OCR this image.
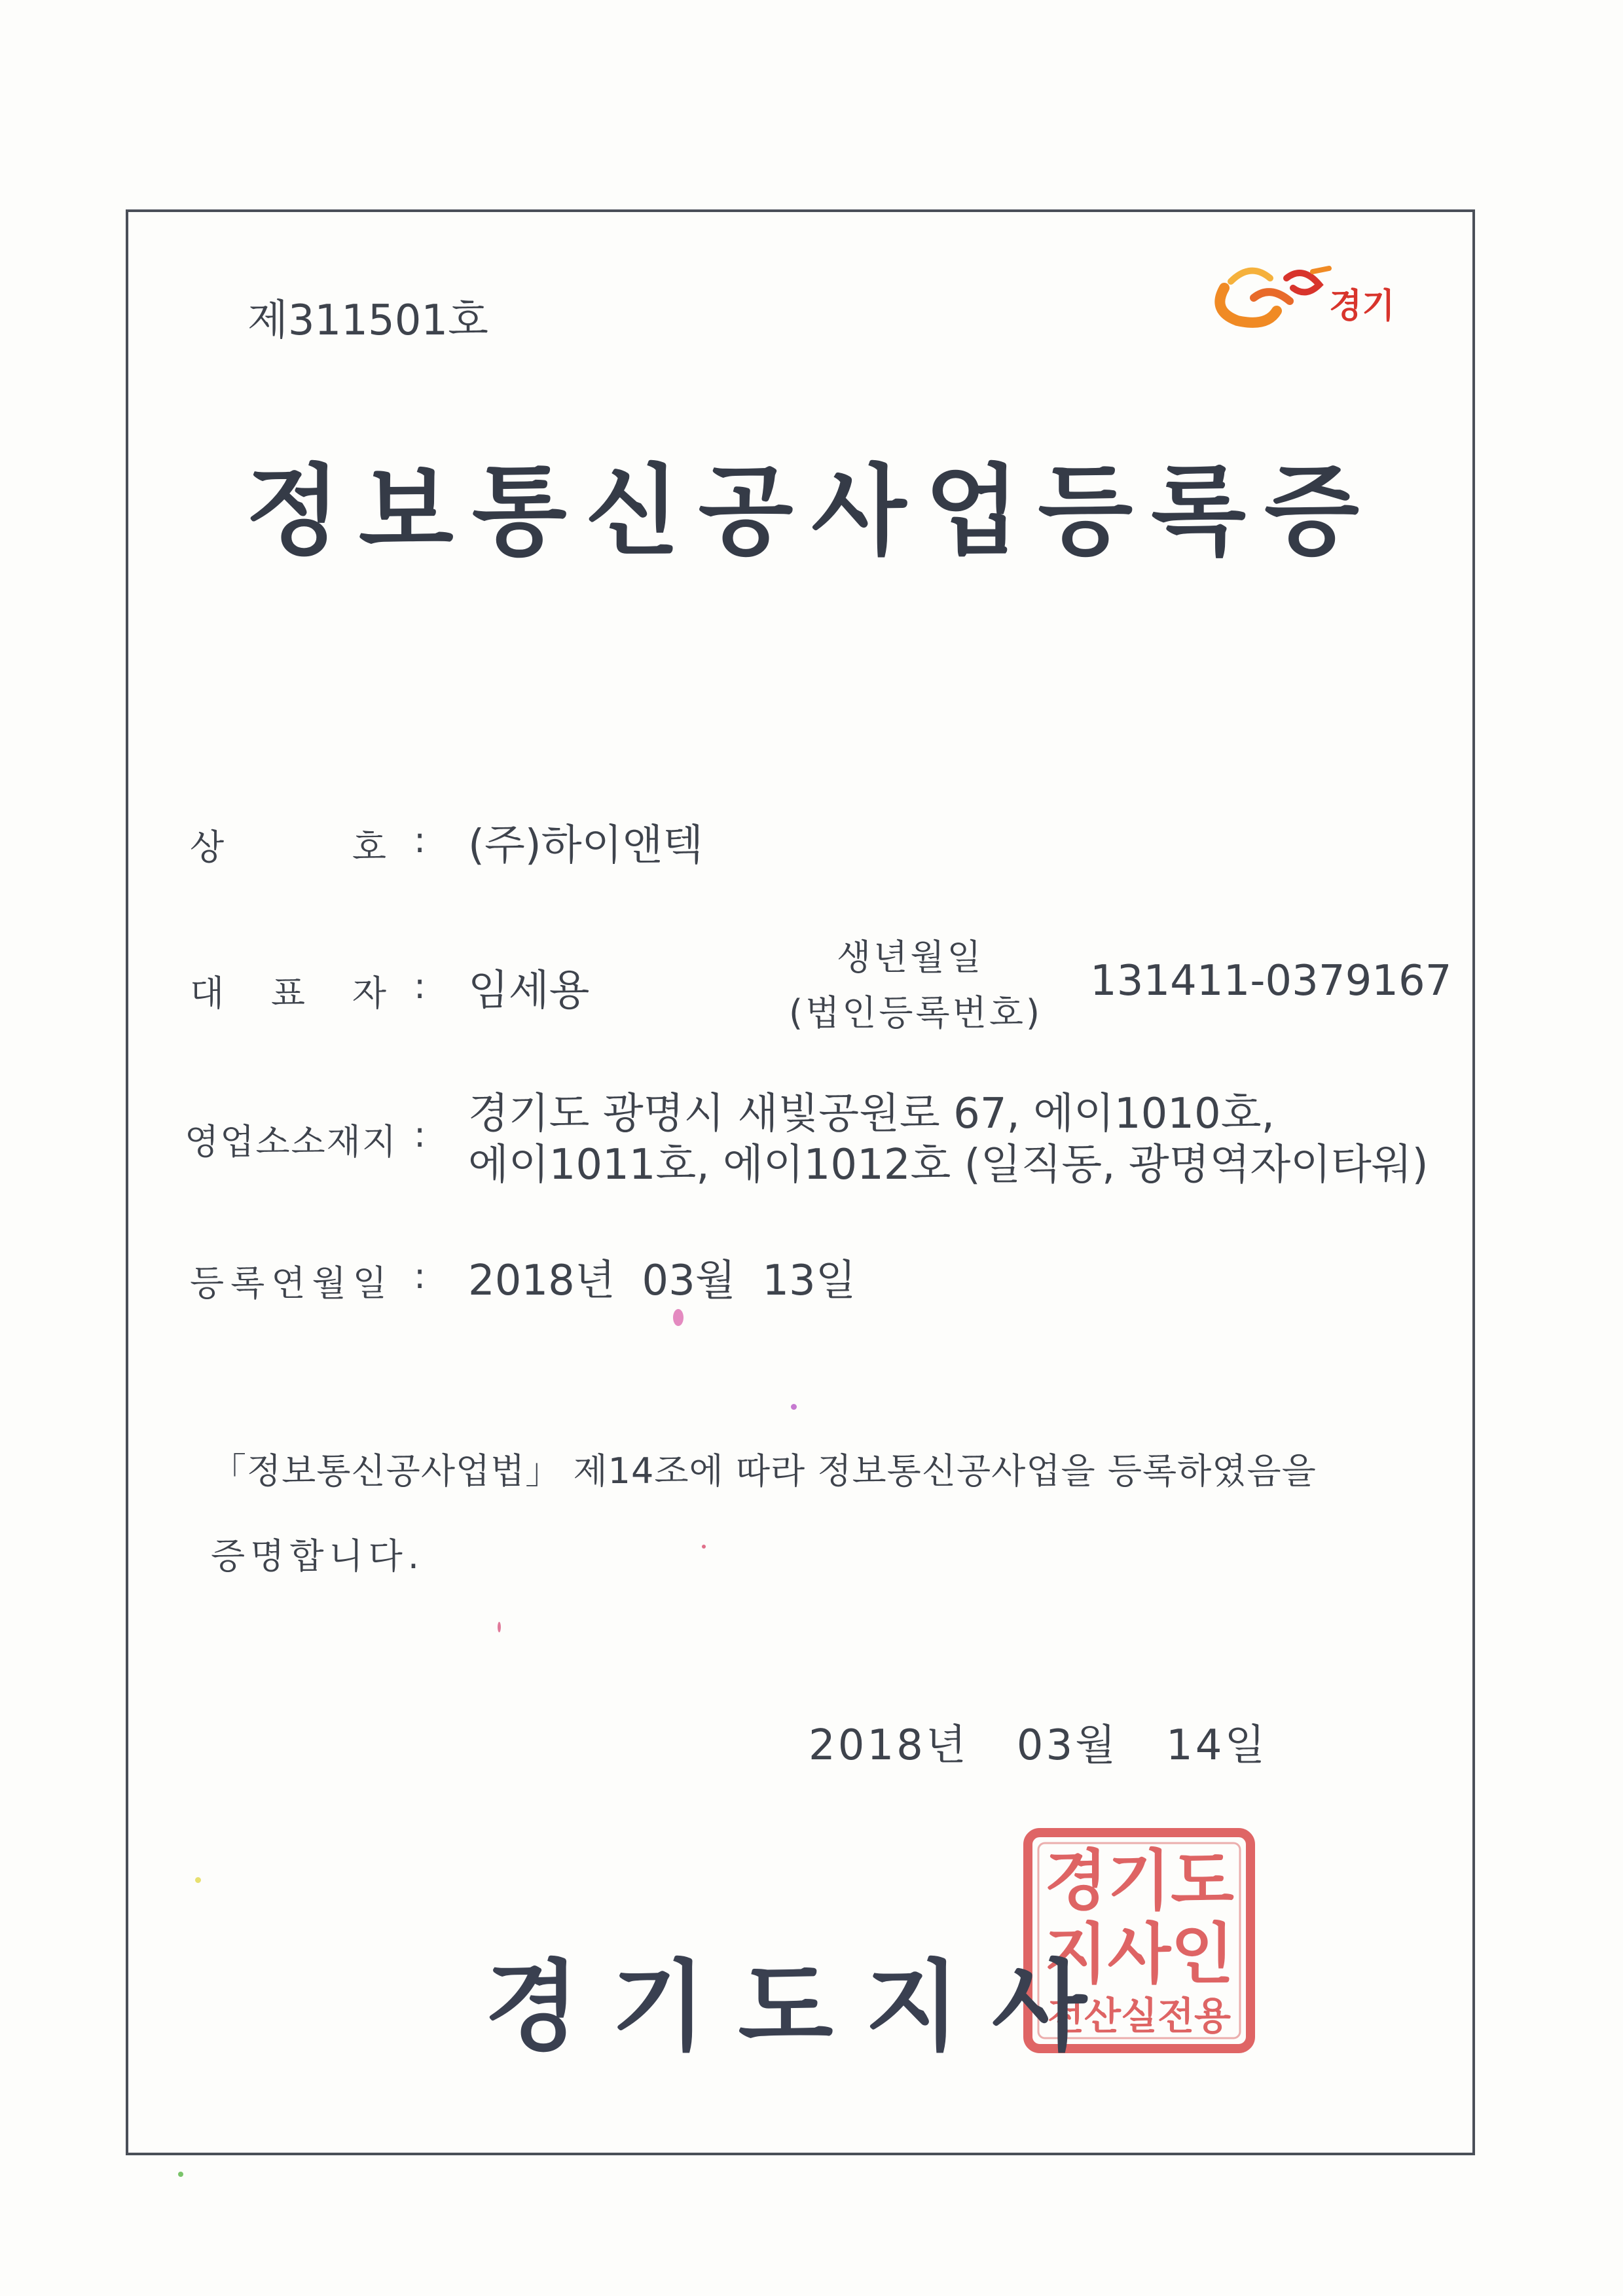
제311501호	경기
정보통신공사업등록증
상	호 : (주)하이앤텍
대 표 자 : 임세용
생년월일
(법인등록번호)
131411-0379167
영업소소재지 : 경기도 광명시 새빛공원로 67, 에이1010호,
에이1011호, 에이1012호 (일직동, 광명역자이타워)
등록연월일 : 2018년  03월  13일
「정보통신공사업법」 제14조에 따라 정보통신공사업을 등록하였음을
증명합니다.
2018년   03월   14일
경기도
지사인
전산실전용
경 기 도 지 사
